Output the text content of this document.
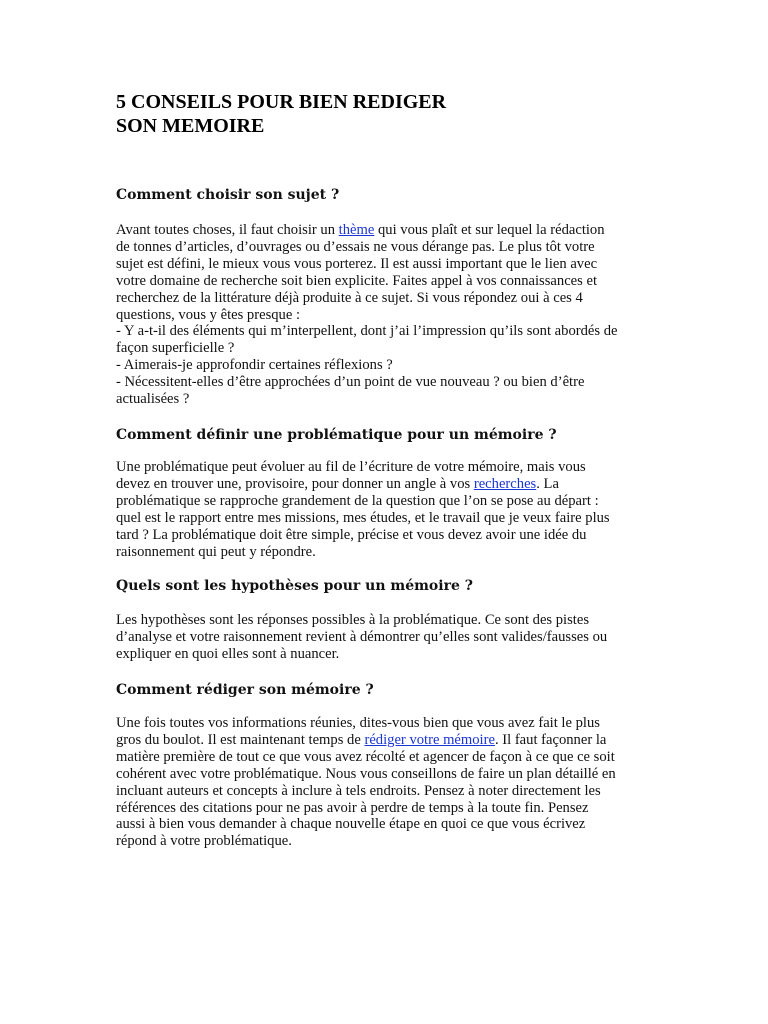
5 CONSEILS POUR BIEN REDIGER
SON MEMOIRE
Comment choisir son sujet ?
Avant toutes choses, il faut choisir un thème qui vous plaît et sur lequel la rédaction
de tonnes d’articles, d’ouvrages ou d’essais ne vous dérange pas. Le plus tôt votre
sujet est défini, le mieux vous vous porterez. Il est aussi important que le lien avec
votre domaine de recherche soit bien explicite. Faites appel à vos connaissances et
recherchez de la littérature déjà produite à ce sujet. Si vous répondez oui à ces 4
questions, vous y êtes presque :
- Y a-t-il des éléments qui m’interpellent, dont j’ai l’impression qu’ils sont abordés de
façon superficielle ?
- Aimerais-je approfondir certaines réflexions ?
- Nécessitent-elles d’être approchées d’un point de vue nouveau ? ou bien d’être
actualisées ?
Comment définir une problématique pour un mémoire ?
Une problématique peut évoluer au fil de l’écriture de votre mémoire, mais vous
devez en trouver une, provisoire, pour donner un angle à vos recherches. La
problématique se rapproche grandement de la question que l’on se pose au départ :
quel est le rapport entre mes missions, mes études, et le travail que je veux faire plus
tard ? La problématique doit être simple, précise et vous devez avoir une idée du
raisonnement qui peut y répondre.
Quels sont les hypothèses pour un mémoire ?
Les hypothèses sont les réponses possibles à la problématique. Ce sont des pistes
d’analyse et votre raisonnement revient à démontrer qu’elles sont valides/fausses ou
expliquer en quoi elles sont à nuancer.
Comment rédiger son mémoire ?
Une fois toutes vos informations réunies, dites-vous bien que vous avez fait le plus
gros du boulot. Il est maintenant temps de rédiger votre mémoire. Il faut façonner la
matière première de tout ce que vous avez récolté et agencer de façon à ce que ce soit
cohérent avec votre problématique. Nous vous conseillons de faire un plan détaillé en
incluant auteurs et concepts à inclure à tels endroits. Pensez à noter directement les
références des citations pour ne pas avoir à perdre de temps à la toute fin. Pensez
aussi à bien vous demander à chaque nouvelle étape en quoi ce que vous écrivez
répond à votre problématique.
